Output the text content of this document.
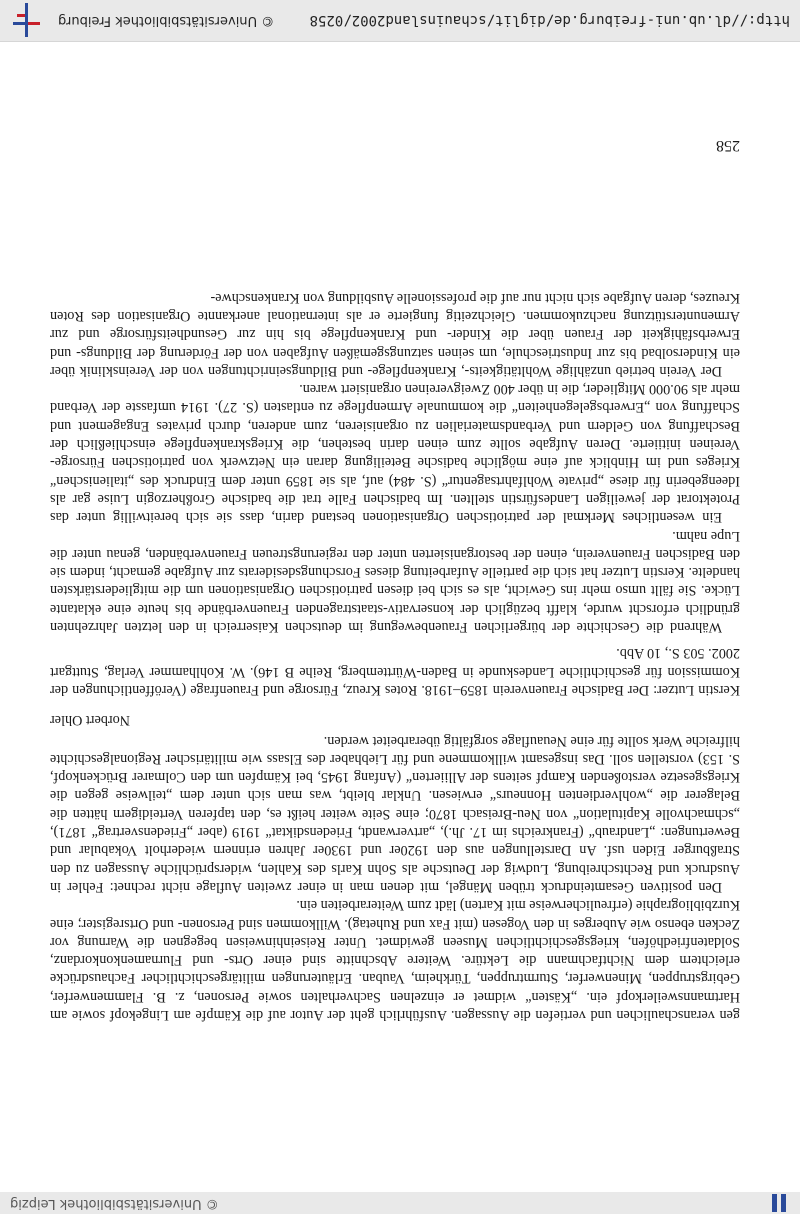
© Universitätsbibliothek Leipzig

gen veranschaulichen und vertiefen die Aussagen. Ausführlich geht der Autor auf die Kämpfe am Lingekopf sowie am Hartmannsweilerkopf ein. „Kästen“ widmet er einzelnen Sachverhalten sowie Personen, z. B. Flammenwerfer, Gebirgstruppen, Minenwerfer, Sturmtruppen, Türkheim, Vauban. Erläuterungen militärgeschichtlicher Fachausdrücke erleichtern dem Nichtfachmann die Lektüre. Weitere Abschnitte sind einer Orts- und Flurnamenkonkordanz, Soldatenfriedhöfen, kriegsgeschichtlichen Museen gewidmet. Unter Reiseinhinweisen begegnen die Warnung vor Zecken ebenso wie Auberges in den Vogesen (mit Fax und Ruhetag). Willkommen sind Personen- und Ortsregister; eine Kurzbibliographie (erfreulicherweise mit Karten) lädt zum Weiterarbeiten ein.

Den positiven Gesamteindruck trüben Mängel, mit denen man in einer zweiten Auflage nicht rechnet: Fehler in Ausdruck und Rechtschreibung, Ludwig der Deutsche als Sohn Karls des Kahlen, widersprüchliche Aussagen zu den Straßburger Eiden usf. An Darstellungen aus den 1920er und 1930er Jahren erinnern wiederholt Vokabular und Bewertungen: „Landraub“ (Frankreichs im 17. Jh.), „artverwandt, Friedensdiktat“ 1919 (aber „Friedensvertrag“ 1871), „schmachvolle Kapitulation“ von Neu-Breisach 1870; eine Seite weiter heißt es, den tapferen Verteidigern hätten die Belagerer die „wohlverdienten Honneurs“ erwiesen. Unklar bleibt, was man sich unter dem „teilweise gegen die Kriegsgesetze verstoßenden Kampf seitens der Alliierten“ (Anfang 1945, bei Kämpfen um den Colmarer Brückenkopf, S. 153) vorstellen soll. Das insgesamt willkommene und für Liebhaber des Elsass wie militärischer Regionalgeschichte hilfreiche Werk sollte für eine Neuauflage sorgfältig überarbeitet werden.

Norbert Ohler

Kerstin Lutzer: Der Badische Frauenverein 1859–1918. Rotes Kreuz, Fürsorge und Frauenfrage (Veröffentlichungen der Kommission für geschichtliche Landeskunde in Baden-Württemberg, Reihe B 146). W. Kohlhammer Verlag, Stuttgart 2002. 503 S., 10 Abb.

Während die Geschichte der bürgerlichen Frauenbewegung im deutschen Kaiserreich in den letzten Jahrzehnten gründlich erforscht wurde, klafft bezüglich der konservativ-staatstragenden Frauenverbände bis heute eine eklatante Lücke. Sie fällt umso mehr ins Gewicht, als es sich bei diesen patriotischen Organisationen um die mitgliederstärksten handelte. Kerstin Lutzer hat sich die partielle Aufarbeitung dieses Forschungsdesiderats zur Aufgabe gemacht, indem sie den Badischen Frauenverein, einen der bestorganisierten unter den regierungstreuen Frauenverbänden, genau unter die Lupe nahm.

Ein wesentliches Merkmal der patriotischen Organisationen bestand darin, dass sie sich bereitwillig unter das Protektorat der jeweiligen Landesfürstin stellten. Im badischen Falle trat die badische Großherzogin Luise gar als Ideengeberin für diese „private Wohlfahrtsagentur“ (S. 484) auf, als sie 1859 unter dem Eindruck des „italienischen“ Krieges und im Hinblick auf eine mögliche badische Beteiligung daran ein Netzwerk von patriotischen Fürsorge-Vereinen initiierte. Deren Aufgabe sollte zum einen darin bestehen, die Kriegskrankenpflege einschließlich der Beschaffung von Geldern und Verbandsmaterialien zu organisieren, zum anderen, durch privates Engagement und Schaffung von „Erwerbsgelegenheiten“ die kommunale Armenpflege zu entlasten (S. 27). 1914 umfasste der Verband mehr als 90.000 Mitglieder, die in über 400 Zweigvereinen organisiert waren.

Der Verein betrieb unzählige Wohltätigkeits-, Krankenpflege- und Bildungseinrichtungen von der Vereinsklinik über ein Kindersolbad bis zur Industrieschule, um seinen satzungsgemäßen Aufgaben von der Förderung der Bildungs- und Erwerbsfähigkeit der Frauen über die Kinder- und Krankenpflege bis hin zur Gesundheitsfürsorge und zur Armenunterstützung nachzukommen. Gleichzeitig fungierte er als international anerkannte Organisation des Roten Kreuzes, deren Aufgabe sich nicht nur auf die professionelle Ausbildung von Krankenschwe-

258
http://dl.ub.uni-freiburg.de/diglit/schauinsland2002/0258
© Universitätsbibliothek Freiburg
